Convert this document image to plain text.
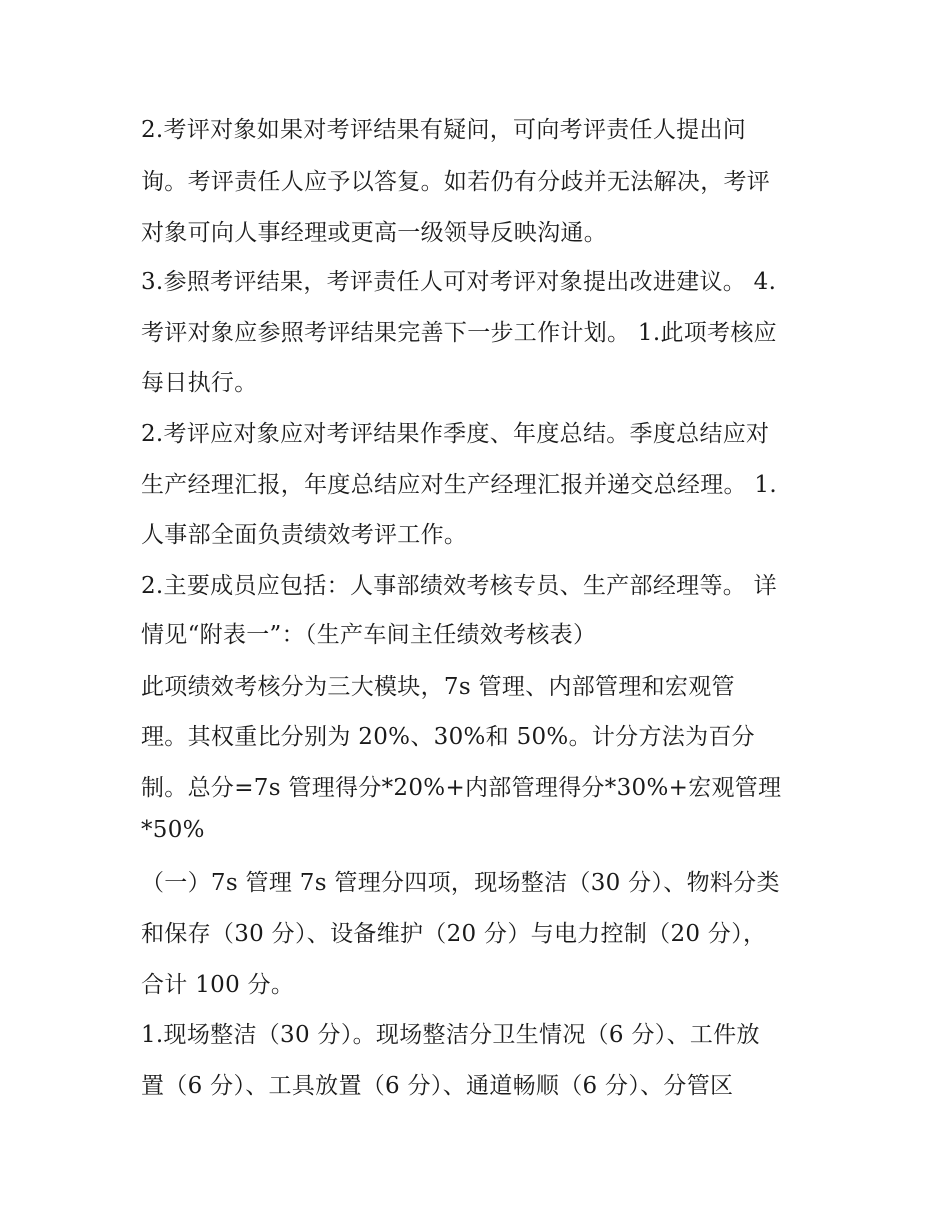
2.考评对象如果对考评结果有疑问，可向考评责任人提出问
询。考评责任人应予以答复。如若仍有分歧并无法解决，考评
对象可向人事经理或更高一级领导反映沟通。
3.参照考评结果，考评责任人可对考评对象提出改进建议。 4.
考评对象应参照考评结果完善下一步工作计划。 1.此项考核应
每日执行。
2.考评应对象应对考评结果作季度、年度总结。季度总结应对
生产经理汇报，年度总结应对生产经理汇报并递交总经理。 1.
人事部全面负责绩效考评工作。
2.主要成员应包括：人事部绩效考核专员、生产部经理等。 详
情见“附表一”：（生产车间主任绩效考核表）
此项绩效考核分为三大模块，7s 管理、内部管理和宏观管
理。其权重比分别为 20%、30%和 50%。计分方法为百分
制。总分=7s 管理得分*20%+内部管理得分*30%+宏观管理
*50%
（一）7s 管理 7s 管理分四项，现场整洁（30 分）、物料分类
和保存（30 分）、设备维护（20 分）与电力控制（20 分），
合计 100 分。
1.现场整洁（30 分）。现场整洁分卫生情况（6 分）、工件放
置（6 分）、工具放置（6 分）、通道畅顺（6 分）、分管区
